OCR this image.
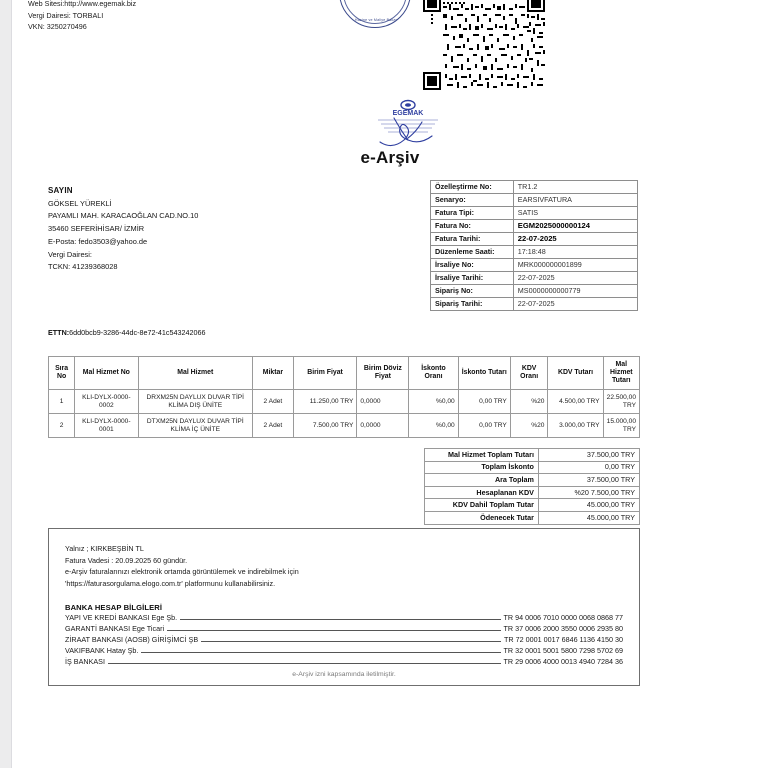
Web Sitesi:http://www.egemak.biz
Vergi Dairesi: TORBALI
VKN: 3250270496
T.C. Hazine ve Maliye Bakanlığı
EGEMAK
e-Arşiv
SAYIN
GÖKSEL YÜREKLİ
PAYAMLI MAH. KARACAOĞLAN CAD.NO.10
35460 SEFERİHİSAR/ İZMİR
E-Posta: fedo3503@yahoo.de
Vergi Dairesi:
TCKN: 41239368028
Özelleştirme No:	TR1.2
Senaryo:	EARSIVFATURA
Fatura Tipi:	SATIS
Fatura No:	EGM2025000000124
Fatura Tarihi:	22-07-2025
Düzenleme Saati:	17:18:48
İrsaliye No:	MRK000000001899
İrsaliye Tarihi:	22-07-2025
Sipariş No:	MS0000000000779
Sipariş Tarihi:	22-07-2025
ETTN:6dd0bcb9-3286-44dc-8e72-41c543242066
Sıra No	Mal Hizmet No	Mal Hizmet	Miktar	Birim Fiyat	Birim Döviz Fiyat	İskonto Oranı	İskonto Tutarı	KDV Oranı	KDV Tutarı	Mal Hizmet Tutarı
1	KLI-DYLX-0000-0002	DRXM25N DAYLUX DUVAR TİPİ KLİMA DIŞ ÜNİTE	2 Adet	11.250,00 TRY	0,0000	%0,00	0,00 TRY	%20	4.500,00 TRY	22.500,00 TRY
2	KLI-DYLX-0000-0001	DTXM25N DAYLUX DUVAR TİPİ KLİMA İÇ ÜNİTE	2 Adet	7.500,00 TRY	0,0000	%0,00	0,00 TRY	%20	3.000,00 TRY	15.000,00 TRY
Mal Hizmet Toplam Tutarı	37.500,00 TRY
Toplam İskonto	0,00 TRY
Ara Toplam	37.500,00 TRY
Hesaplanan KDV	%20 7.500,00 TRY
KDV Dahil Toplam Tutar	45.000,00 TRY
Ödenecek Tutar	45.000,00 TRY
Yalnız ; KIRKBEŞBİN TL
Fatura Vadesi : 20.09.2025 60 gündür.
e-Arşiv faturalarınızı elektronik ortamda görüntülemek ve indirebilmek için
'https://faturasorgulama.elogo.com.tr' platformunu kullanabilirsiniz.
BANKA HESAP BİLGİLERİ
YAPI VE KREDİ BANKASI Ege Şb.	TR 94 0006 7010 0000 0068 0868 77
GARANTİ BANKASI Ege Ticari	TR 37 0006 2000 3550 0006 2935 80
ZİRAAT BANKASI (AOSB) GİRİŞİMCİ ŞB	TR 72 0001 0017 6846 1136 4150 30
VAKIFBANK Hatay Şb.	TR 32 0001 5001 5800 7298 5702 69
İŞ BANKASI	TR 29 0006 4000 0013 4940 7284 36
e-Arşiv izni kapsamında iletilmiştir.
